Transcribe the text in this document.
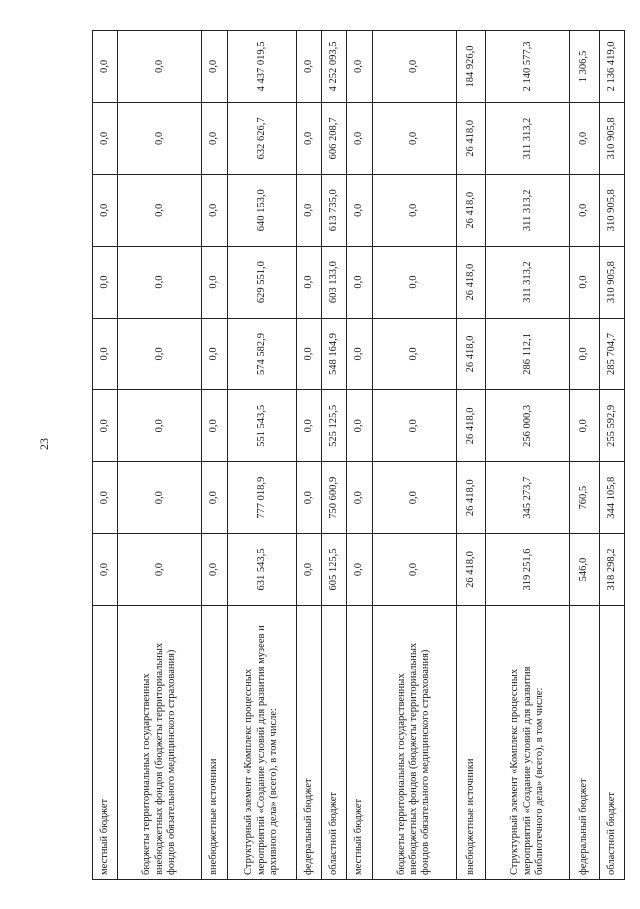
23
местный бюджет	0,0	0,0	0,0	0,0	0,0	0,0	0,0	0,0
бюджеты территориальных государственных внебюджетных фондов (бюджеты территориальных фондов обязательного медицинского страхования)	0,0	0,0	0,0	0,0	0,0	0,0	0,0	0,0
внебюджетные источники	0,0	0,0	0,0	0,0	0,0	0,0	0,0	0,0
Структурный элемент «Комплекс процессных мероприятий «Создание условий для развития музеев и архивного дела» (всего), в том числе:	631 543,5	777 018,9	551 543,5	574 582,9	629 551,0	640 153,0	632 626,7	4 437 019,5
федеральный бюджет	0,0	0,0	0,0	0,0	0,0	0,0	0,0	0,0
областной бюджет	605 125,5	750 600,9	525 125,5	548 164,9	603 133,0	613 735,0	606 208,7	4 252 093,5
местный бюджет	0,0	0,0	0,0	0,0	0,0	0,0	0,0	0,0
бюджеты территориальных государственных внебюджетных фондов (бюджеты территориальных фондов обязательного медицинского страхования)	0,0	0,0	0,0	0,0	0,0	0,0	0,0	0,0
внебюджетные источники	26 418,0	26 418,0	26 418,0	26 418,0	26 418,0	26 418,0	26 418,0	184 926,0
Структурный элемент «Комплекс процессных мероприятий «Создание условий для развития библиотечного дела» (всего), в том числе:	319 251,6	345 273,7	256 000,3	286 112,1	311 313,2	311 313,2	311 313,2	2 140 577,3
федеральный бюджет	546,0	760,5	0,0	0,0	0,0	0,0	0,0	1 306,5
областной бюджет	318 298,2	344 105,8	255 592,9	285 704,7	310 905,8	310 905,8	310 905,8	2 136 419,0
